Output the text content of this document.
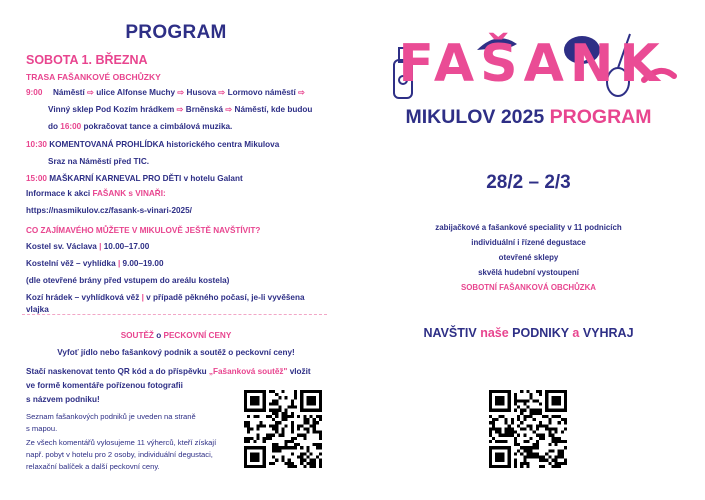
PROGRAM
SOBOTA 1. BŘEZNA
TRASA FAŠANKOVÉ OBCHŮZKY
9:00 Náměstí ⇨ ulice Alfonse Muchy ⇨ Husova ⇨ Lormovo náměstí ⇨
Vinný sklep Pod Kozím hrádkem ⇨ Brněnská ⇨ Náměstí, kde budou
do 16:00 pokračovat tance a cimbálová muzika.
10:30 KOMENTOVANÁ PROHLÍDKA historického centra Mikulova
Sraz na Náměstí před TIC.
15:00 MAŠKARNÍ KARNEVAL PRO DĚTI v hotelu Galant
Informace k akci FAŠANK s VINAŘI:
https://nasmikulov.cz/fasank-s-vinari-2025/
CO ZAJÍMAVÉHO MŮŽETE V MIKULOVĚ JEŠTĚ NAVŠTÍVIT?
Kostel sv. Václava | 10.00–17.00
Kostelní věž – vyhlídka | 9.00–19.00
(dle otevřené brány před vstupem do areálu kostela)
Kozí hrádek – vyhlídková věž | v případě pěkného počasí, je-li vyvěšena
vlajka
SOUTĚŽ o PECKOVNÍ CENY
Vyfoť jídlo nebo fašankový podnik a soutěž o peckovní ceny!
Stačí naskenovat tento QR kód a do příspěvku „Fašanková soutěž" vložit
ve formě komentáře pořízenou fotografii
s názvem podniku!
Seznam fašankových podniků je uveden na straně
s mapou.
Ze všech komentářů vylosujeme 11 výherců, kteří získají
např. pobyt v hotelu pro 2 osoby, individuální degustaci,
relaxační balíček a další peckovní ceny.
FAŠANK
MIKULOV 2025 PROGRAM
28/2 – 2/3
zabijačkové a fašankové speciality v 11 podnicích
individuální i řízené degustace
otevřené sklepy
skvělá hudební vystoupení
SOBOTNÍ FAŠANKOVÁ OBCHŮZKA
NAVŠTIV naše PODNIKY a VYHRAJ
